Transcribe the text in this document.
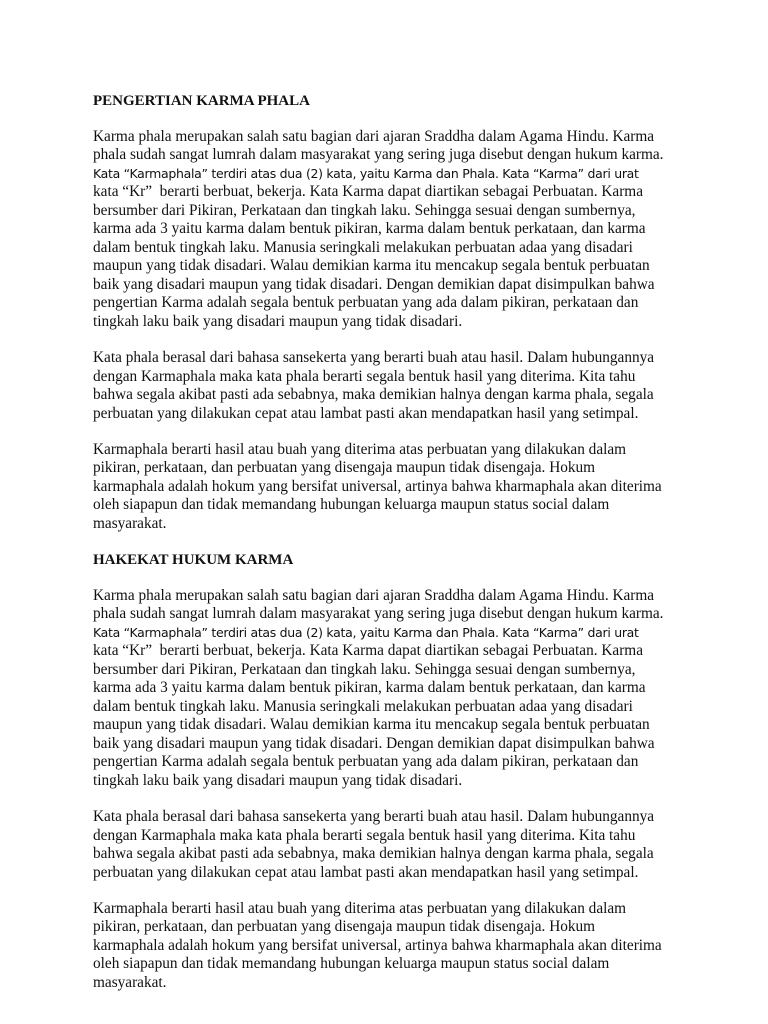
PENGERTIAN KARMA PHALA
Karma phala merupakan salah satu bagian dari ajaran Sraddha dalam Agama Hindu. Karma
phala sudah sangat lumrah dalam masyarakat yang sering juga disebut dengan hukum karma.
Kata “Karmaphala” terdiri atas dua (2) kata, yaitu Karma dan Phala. Kata “Karma” dari urat
kata “Kr”  berarti berbuat, bekerja. Kata Karma dapat diartikan sebagai Perbuatan. Karma
bersumber dari Pikiran, Perkataan dan tingkah laku. Sehingga sesuai dengan sumbernya,
karma ada 3 yaitu karma dalam bentuk pikiran, karma dalam bentuk perkataan, dan karma
dalam bentuk tingkah laku. Manusia seringkali melakukan perbuatan adaa yang disadari
maupun yang tidak disadari. Walau demikian karma itu mencakup segala bentuk perbuatan
baik yang disadari maupun yang tidak disadari. Dengan demikian dapat disimpulkan bahwa
pengertian Karma adalah segala bentuk perbuatan yang ada dalam pikiran, perkataan dan
tingkah laku baik yang disadari maupun yang tidak disadari.
Kata phala berasal dari bahasa sansekerta yang berarti buah atau hasil. Dalam hubungannya
dengan Karmaphala maka kata phala berarti segala bentuk hasil yang diterima. Kita tahu
bahwa segala akibat pasti ada sebabnya, maka demikian halnya dengan karma phala, segala
perbuatan yang dilakukan cepat atau lambat pasti akan mendapatkan hasil yang setimpal.
Karmaphala berarti hasil atau buah yang diterima atas perbuatan yang dilakukan dalam
pikiran, perkataan, dan perbuatan yang disengaja maupun tidak disengaja. Hokum
karmaphala adalah hokum yang bersifat universal, artinya bahwa kharmaphala akan diterima
oleh siapapun dan tidak memandang hubungan keluarga maupun status social dalam
masyarakat.
HAKEKAT HUKUM KARMA
Karma phala merupakan salah satu bagian dari ajaran Sraddha dalam Agama Hindu. Karma
phala sudah sangat lumrah dalam masyarakat yang sering juga disebut dengan hukum karma.
Kata “Karmaphala” terdiri atas dua (2) kata, yaitu Karma dan Phala. Kata “Karma” dari urat
kata “Kr”  berarti berbuat, bekerja. Kata Karma dapat diartikan sebagai Perbuatan. Karma
bersumber dari Pikiran, Perkataan dan tingkah laku. Sehingga sesuai dengan sumbernya,
karma ada 3 yaitu karma dalam bentuk pikiran, karma dalam bentuk perkataan, dan karma
dalam bentuk tingkah laku. Manusia seringkali melakukan perbuatan adaa yang disadari
maupun yang tidak disadari. Walau demikian karma itu mencakup segala bentuk perbuatan
baik yang disadari maupun yang tidak disadari. Dengan demikian dapat disimpulkan bahwa
pengertian Karma adalah segala bentuk perbuatan yang ada dalam pikiran, perkataan dan
tingkah laku baik yang disadari maupun yang tidak disadari.
Kata phala berasal dari bahasa sansekerta yang berarti buah atau hasil. Dalam hubungannya
dengan Karmaphala maka kata phala berarti segala bentuk hasil yang diterima. Kita tahu
bahwa segala akibat pasti ada sebabnya, maka demikian halnya dengan karma phala, segala
perbuatan yang dilakukan cepat atau lambat pasti akan mendapatkan hasil yang setimpal.
Karmaphala berarti hasil atau buah yang diterima atas perbuatan yang dilakukan dalam
pikiran, perkataan, dan perbuatan yang disengaja maupun tidak disengaja. Hokum
karmaphala adalah hokum yang bersifat universal, artinya bahwa kharmaphala akan diterima
oleh siapapun dan tidak memandang hubungan keluarga maupun status social dalam
masyarakat.
